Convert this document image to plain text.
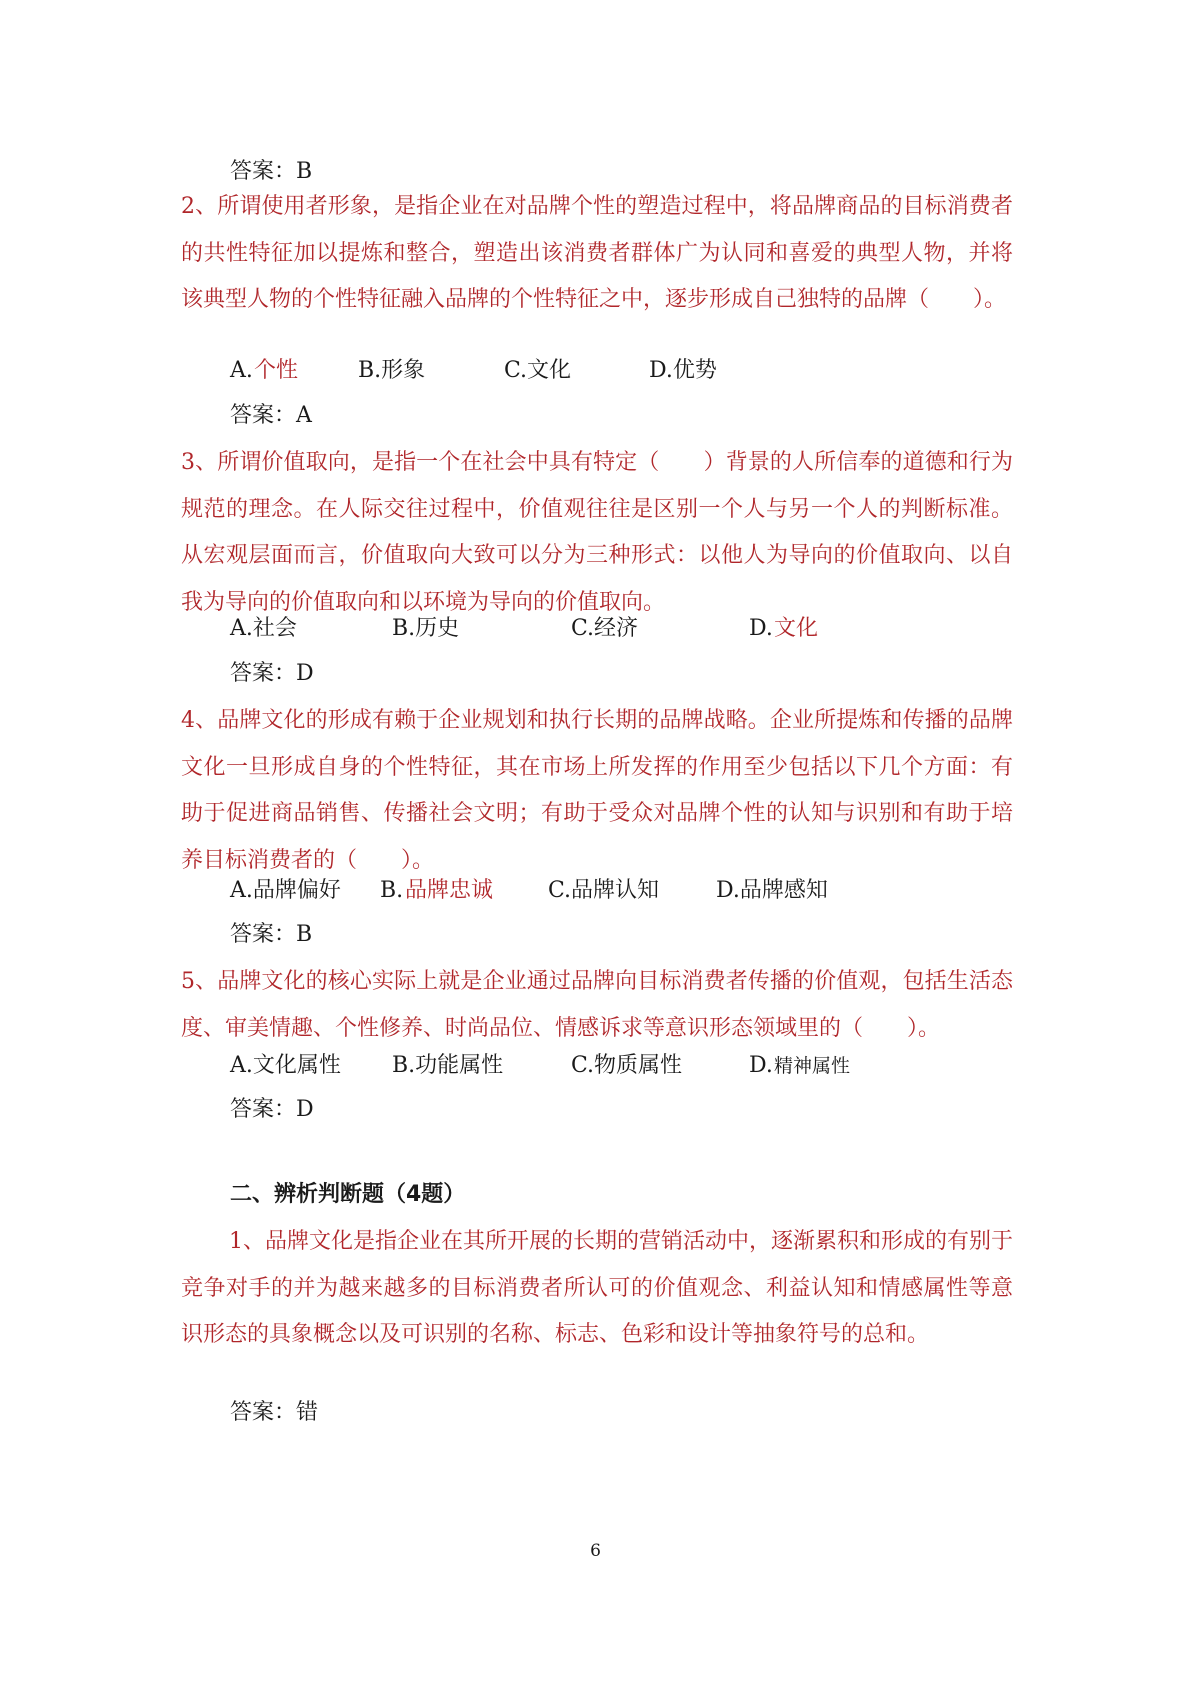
答案：B
2、所谓使用者形象，是指企业在对品牌个性的塑造过程中，将品牌商品的目标消费者的共性特征加以提炼和整合，塑造出该消费者群体广为认同和喜爱的典型人物，并将该典型人物的个性特征融入品牌的个性特征之中，逐步形成自己独特的品牌（　　）。
A. 个性	B.形象	C.文化	D.优势
答案：A
3、所谓价值取向，是指一个在社会中具有特定（　　）背景的人所信奉的道德和行为规范的理念。在人际交往过程中，价值观往往是区别一个人与另一个人的判断标准。从宏观层面而言，价值取向大致可以分为三种形式：以他人为导向的价值取向、以自我为导向的价值取向和以环境为导向的价值取向。
A.社会	B.历史	C.经济	D. 文化
答案：D
4、品牌文化的形成有赖于企业规划和执行长期的品牌战略。企业所提炼和传播的品牌文化一旦形成自身的个性特征，其在市场上所发挥的作用至少包括以下几个方面：有助于促进商品销售、传播社会文明；有助于受众对品牌个性的认知与识别和有助于培养目标消费者的（　　）。
A.品牌偏好 B. 品牌忠诚 C.品牌认知	D.品牌感知
答案：B
5、品牌文化的核心实际上就是企业通过品牌向目标消费者传播的价值观，包括生活态度、审美情趣、个性修养、时尚品位、情感诉求等意识形态领域里的（　　）。
A.文化属性 B.功能属性	C.物质属性	D. 精神属性
答案：D
二、辨析判断题（4题）
1、品牌文化是指企业在其所开展的长期的营销活动中，逐渐累积和形成的有别于竞争对手的并为越来越多的目标消费者所认可的价值观念、利益认知和情感属性等意识形态的具象概念以及可识别的名称、标志、色彩和设计等抽象符号的总和。
答案：错
6
